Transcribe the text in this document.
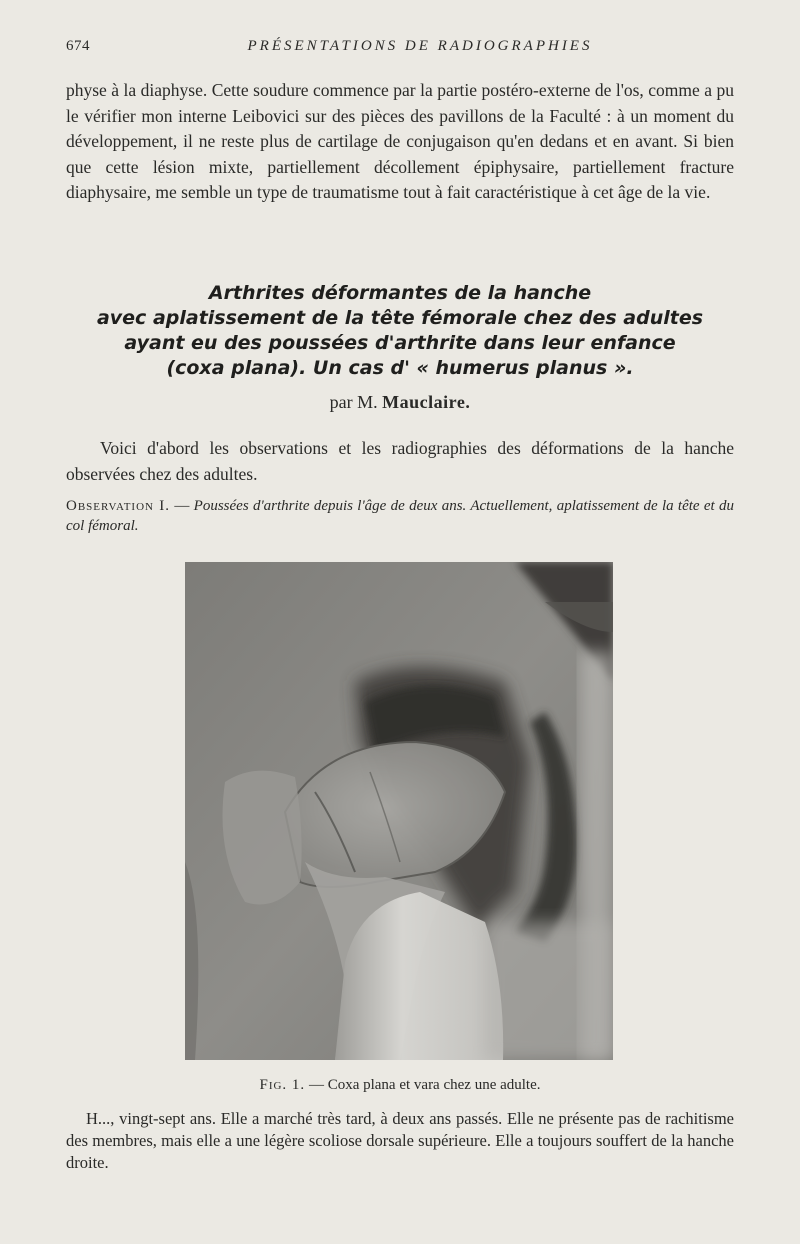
674	PRÉSENTATIONS DE RADIOGRAPHIES

physe à la diaphyse. Cette soudure commence par la partie postéro-externe de l'os, comme a pu le vérifier mon interne Leibovici sur des pièces des pavillons de la Faculté : à un moment du développement, il ne reste plus de cartilage de conjugaison qu'en dedans et en avant. Si bien que cette lésion mixte, partiellement décollement épiphysaire, partiellement fracture diaphysaire, me semble un type de traumatisme tout à fait caractéristique à cet âge de la vie.

Arthrites déformantes de la hanche
avec aplatissement de la tête fémorale chez des adultes
ayant eu des poussées d'arthrite dans leur enfance
(coxa plana). Un cas d' « humerus planus ».
par M. Mauclaire.

Voici d'abord les observations et les radiographies des déformations de la hanche observées chez des adultes.

Observation I. — Poussées d'arthrite depuis l'âge de deux ans. Actuellement, aplatissement de la tête et du col fémoral.
Fig. 1. — Coxa plana et vara chez une adulte.

H..., vingt-sept ans. Elle a marché très tard, à deux ans passés. Elle ne présente pas de rachitisme des membres, mais elle a une légère scoliose dorsale supérieure. Elle a toujours souffert de la hanche droite.
